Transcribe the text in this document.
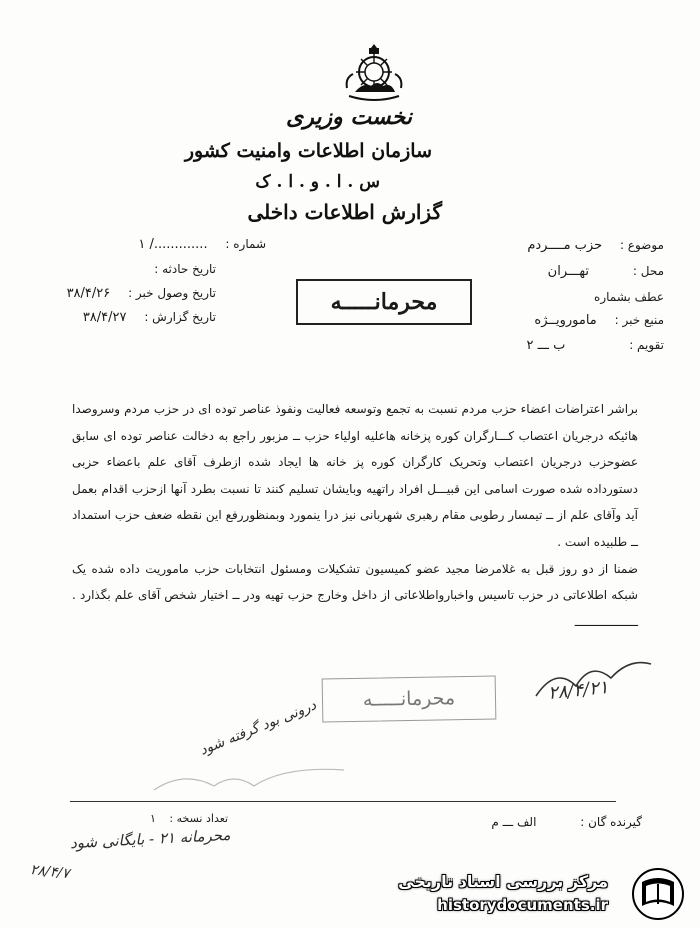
نخست وزیری
سازمان اطلاعات وامنیت کشور
س . ا . و . ا . ک
گزارش اطلاعات داخلی
موضوع : حزب مــــردم
محل : تهـــران
عطف بشماره
منبع خبر : مامورویــژه
تقویم : ب ـــ ۲
شماره : ............./ ۱
تاریخ حادثه :
تاریخ وصول خبر : ۳۸/۴/۲۶
تاریخ گزارش : ۳۸/۴/۲۷
محرمانـــــه

براشر اعتراضات اعضاء حزب مردم نسبت به تجمع وتوسعه فعالیت ونفوذ عناصر توده ای در حزب مردم وسروصدا هائیکه درجریان اعتصاب کـــارگران کوره پزخانه هاعلیه اولیاء حزب ــ مزبور راجع به دخالت عناصر توده ای سابق عضوحزب درجریان اعتصاب وتحریک کارگران کوره پز خانه ها ایجاد شده ازطرف آقای علم باعضاء حزبی دستورداده شده صورت اسامی این قبیـــل افراد راتهیه وبایشان تسلیم کنند تا نسبت بطرد آنها ازحزب اقدام بعمل آید وآقای علم از ــ تیمسار رطوبی مقام رهبری شهربانی نیز درا ینمورد وبمنظوررفع این نقطه ضعف حزب استمداد ــ طلبیده است .

ضمنا از دو روز قبل به غلامرضا مجید عضو کمیسیون تشکیلات ومسئول انتخابات حزب ماموریت داده شده یک شبکه اطلاعاتی در حزب تاسیس واخبارواطلاعاتی از داخل وخارج حزب تهیه ودر ــ اختیار شخص آقای علم بگذارد . ــــــــــــــــــ

۲۸/۴/۲۱
محرمانـــــه
درونی بود گرفته شود
گیرنده گان : الف ـــ م
تعداد نسخه : ۱
محرمانه ۲۱ - بایگانی شود
۲۸/۴/۷	مرکز بررسی اسناد تاریخی
historydocuments.ir
